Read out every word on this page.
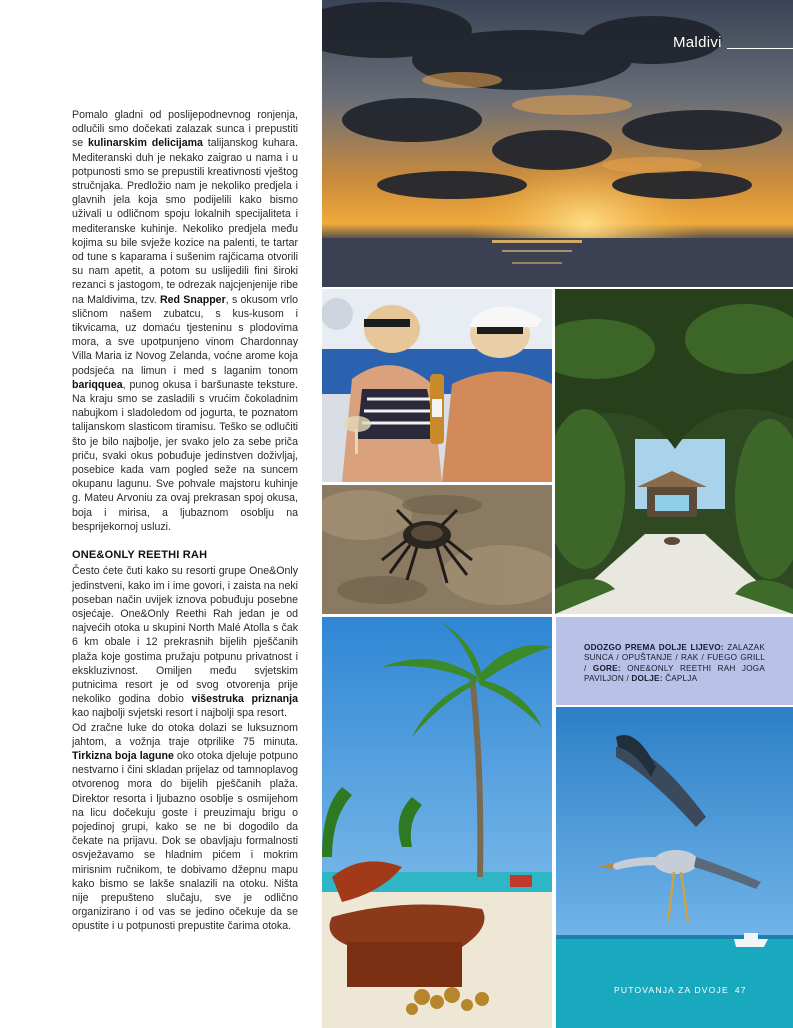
Pomalo gladni od poslijepodnevnog ronjenja, odlučili smo dočekati zalazak sunca i prepustiti se kulinarskim delicijama talijanskog kuhara. Mediteranski duh je nekako zaigrao u nama i u potpunosti smo se prepustili kreativnosti vještog stručnjaka. Predložio nam je nekoliko predjela i glavnih jela koja smo podijelili kako bismo uživali u odličnom spoju lokalnih specijaliteta i mediteranske kuhinje. Nekoliko predjela među kojima su bile svježe kozice na palenti, te tartar od tune s kaparama i sušenim rajčicama otvorili su nam apetit, a potom su uslijedili fini široki rezanci s jastogom, te odrezak najcjenjenije ribe na Maldivima, tzv. Red Snapper, s okusom vrlo sličnom našem zubatcu, s kus-kusom i tikvicama, uz domaću tjesteninu s plodovima mora, a sve upotpunjeno vinom Chardonnay Villa Maria iz Novog Zelanda, voćne arome koja podsjeća na limun i med s laganim tonom bariqquea, punog okusa i baršunaste teksture. Na kraju smo se zasladili s vrućim čokoladnim nabujkom i sladoledom od jogurta, te poznatom talijanskom slasticom tiramisu. Teško se odlučiti što je bilo najbolje, jer svako jelo za sebe priča priču, svaki okus pobuđuje jedinstven doživljaj, posebice kada vam pogled seže na suncem okupanu lagunu. Sve pohvale majstoru kuhinje g. Mateu Arvoniu za ovaj prekrasan spoj okusa, boja i mirisa, a ljubaznom osoblju na besprijekornoj usluzi.

ONE&ONLY REETHI RAH

Često ćete čuti kako su resorti grupe One&Only jedinstveni, kako im i ime govori, i zaista na neki poseban način uvijek iznova pobuđuju posebne osjećaje. One&Only Reethi Rah jedan je od najvećih otoka u skupini North Malé Atolla s čak 6 km obale i 12 prekrasnih bijelih pješčanih plaža koje gostima pružaju potpunu privatnost i ekskluzivnost. Omiljen među svjetskim putnicima resort je od svog otvorenja prije nekoliko godina dobio višestruka priznanja kao najbolji svjetski resort i najbolji spa resort.

Od zračne luke do otoka dolazi se luksuznom jahtom, a vožnja traje otprilike 75 minuta. Tirkizna boja lagune oko otoka djeluje potpuno nestvarno i čini skladan prijelaz od tamnoplavog otvorenog mora do bijelih pješčanih plaža. Direktor resorta i ljubazno osoblje s osmijehom na licu dočekuju goste i preuzimaju brigu o pojedinoj grupi, kako se ne bi dogodilo da čekate na prijavu. Dok se obavljaju formalnosti osvježavamo se hladnim pićem i mokrim mirisnim ručnikom, te dobivamo džepnu mapu kako bismo se lakše snalazili na otoku. Ništa nije prepušteno slučaju, sve je odlično organizirano i od vas se jedino očekuje da se opustite i u potpunosti prepustite čarima otoka.

Maldivi
ODOZGO PREMA DOLJE LIJEVO: ZALAZAK SUNCA / OPUŠTANJE / RAK / FUEGO GRILL / GORE: ONE&ONLY REETHI RAH JOGA PAVILJON / DOLJE: ČAPLJA
PUTOVANJA ZA DVOJE 47
